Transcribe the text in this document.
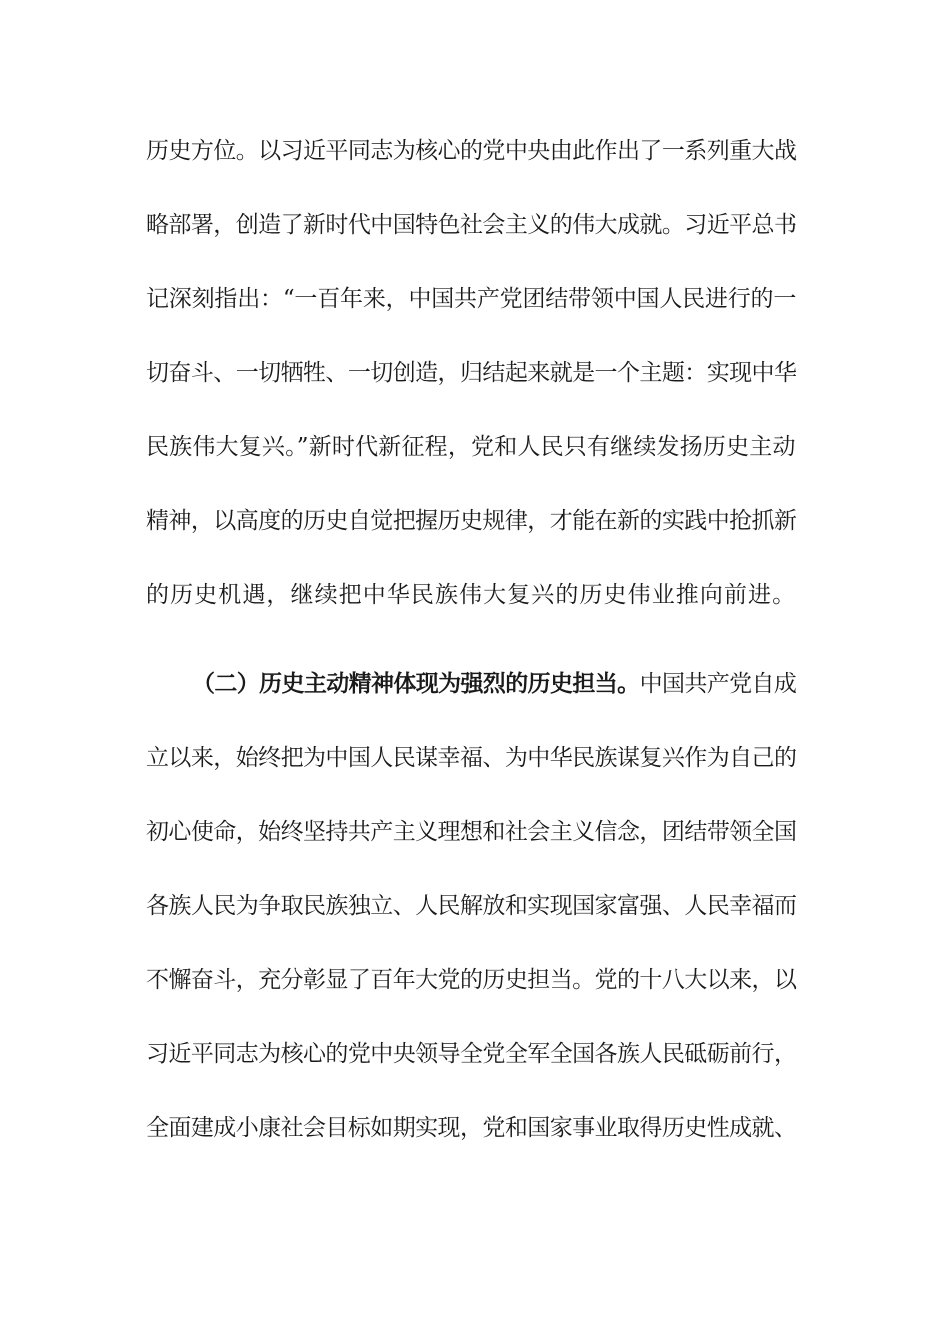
历史方位。以习近平同志为核心的党中央由此作出了一系列重大战
略部署，创造了新时代中国特色社会主义的伟大成就。习近平总书
记深刻指出：“一百年来，中国共产党团结带领中国人民进行的一
切奋斗、一切牺牲、一切创造，归结起来就是一个主题：实现中华
民族伟大复兴。”新时代新征程，党和人民只有继续发扬历史主动
精神，以高度的历史自觉把握历史规律，才能在新的实践中抢抓新
的历史机遇，继续把中华民族伟大复兴的历史伟业推向前进。
（二）历史主动精神体现为强烈的历史担当。中国共产党自成
立以来，始终把为中国人民谋幸福、为中华民族谋复兴作为自己的
初心使命，始终坚持共产主义理想和社会主义信念，团结带领全国
各族人民为争取民族独立、人民解放和实现国家富强、人民幸福而
不懈奋斗，充分彰显了百年大党的历史担当。党的十八大以来，以
习近平同志为核心的党中央领导全党全军全国各族人民砥砺前行，
全面建成小康社会目标如期实现，党和国家事业取得历史性成就、
